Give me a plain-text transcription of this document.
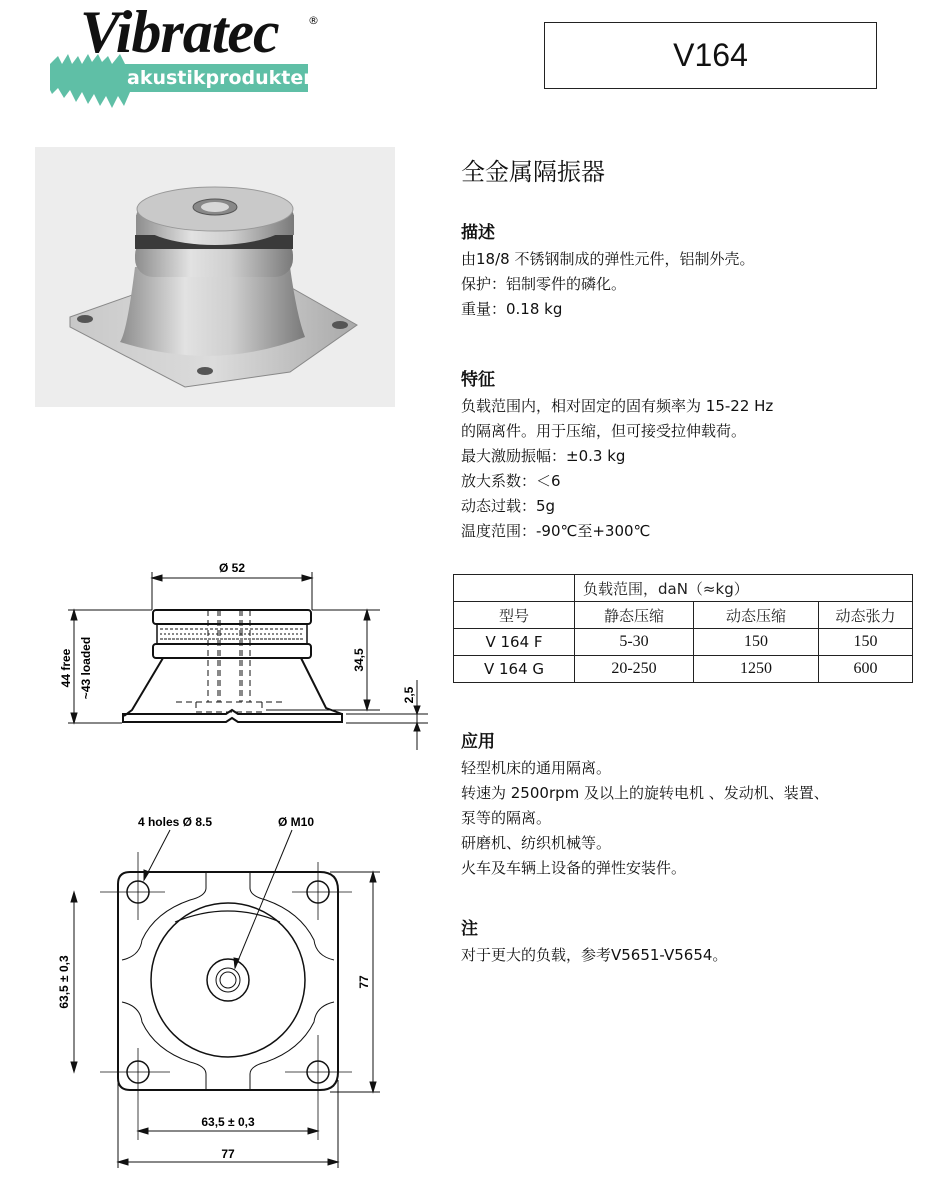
Vibratec	®
akustikprodukter
V164
全金属隔振器
描述
由18/8 不锈钢制成的弹性元件，铝制外壳。
保护：铝制零件的磷化。
重量：0.18 kg
特征
负载范围内，相对固定的固有频率为 15-22 Hz
的隔离件。用于压缩，但可接受拉伸载荷。
最大激励振幅：±0.3 kg
放大系数：＜6
动态过载：5g
温度范围：-90℃至+300℃
	负载范围，daN（≈kg）		
型号	静态压缩	动态压缩	动态张力
V 164 F	5-30	150	150
V 164 G	20-250	1250	600
应用
轻型机床的通用隔离。
转速为 2500rpm 及以上的旋转电机 、发动机、装置、
泵等的隔离。
研磨机、纺织机械等。
火车及车辆上设备的弹性安装件。
注
对于更大的负载，参考V5651-V5654。
Ø 52
44 free ~43 loaded	34,5
2,5
4 holes Ø 8.5	Ø M10
63,5 ± 0,3	77
63,5 ± 0,3
77
